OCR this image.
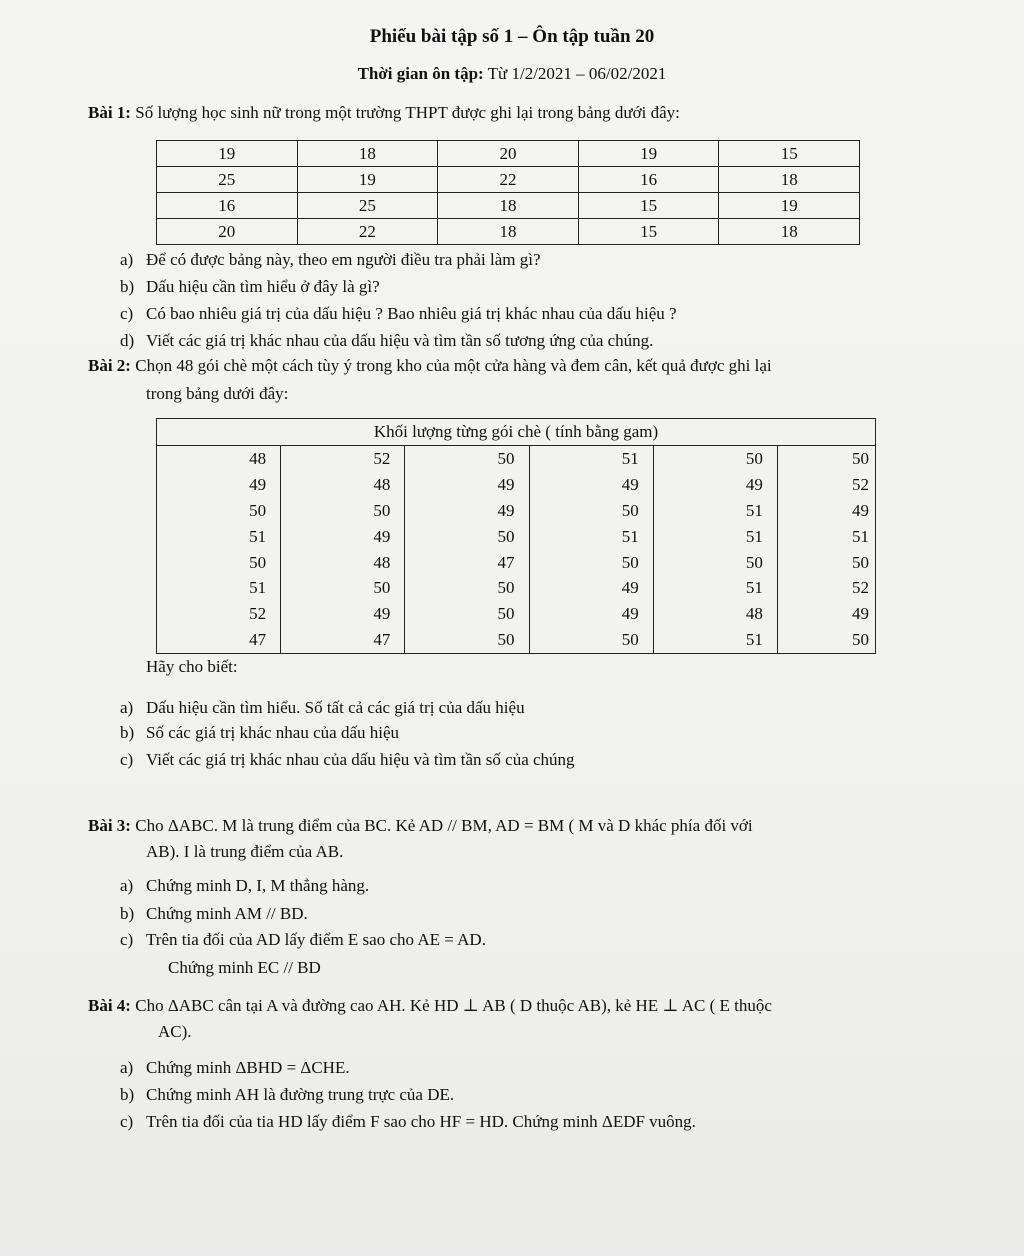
Phiếu bài tập số 1 – Ôn tập tuần 20
Thời gian ôn tập: Từ 1/2/2021 – 06/02/2021
Bài 1: Số lượng học sinh nữ trong một trường THPT được ghi lại trong bảng dưới đây:
19	18	20	19	15
25	19	22	16	18
16	25	18	15	19
20	22	18	15	18
a) Để có được bảng này, theo em người điều tra phải làm gì?
b) Dấu hiệu cần tìm hiểu ở đây là gì?
c) Có bao nhiêu giá trị của dấu hiệu ? Bao nhiêu giá trị khác nhau của dấu hiệu ?
d) Viết các giá trị khác nhau của dấu hiệu và tìm tần số tương ứng của chúng.
Bài 2: Chọn 48 gói chè một cách tùy ý trong kho của một cửa hàng và đem cân, kết quả được ghi lại
trong bảng dưới đây:
Khối lượng từng gói chè ( tính bằng gam)					
48	52	50	51	50	50
49	48	49	49	49	52
50	50	49	50	51	49
51	49	50	51	51	51
50	48	47	50	50	50
51	50	50	49	51	52
52	49	50	49	48	49
47	47	50	50	51	50
Hãy cho biết:
a) Dấu hiệu cần tìm hiểu. Số tất cả các giá trị của dấu hiệu
b) Số các giá trị khác nhau của dấu hiệu
c) Viết các giá trị khác nhau của dấu hiệu và tìm tần số của chúng
Bài 3: Cho ΔABC. M là trung điểm của BC. Kẻ AD // BM, AD = BM ( M và D khác phía đối với
AB). I là trung điểm của AB.
a) Chứng minh D, I, M thẳng hàng.
b) Chứng minh AM // BD.
c) Trên tia đối của AD lấy điểm E sao cho AE = AD.
Chứng minh EC // BD
Bài 4: Cho ΔABC cân tại A và đường cao AH. Kẻ HD ⊥ AB ( D thuộc AB), kẻ HE ⊥ AC ( E thuộc
AC).
a) Chứng minh ΔBHD = ΔCHE.
b) Chứng minh AH là đường trung trực của DE.
c) Trên tia đối của tia HD lấy điểm F sao cho HF = HD. Chứng minh ΔEDF vuông.
